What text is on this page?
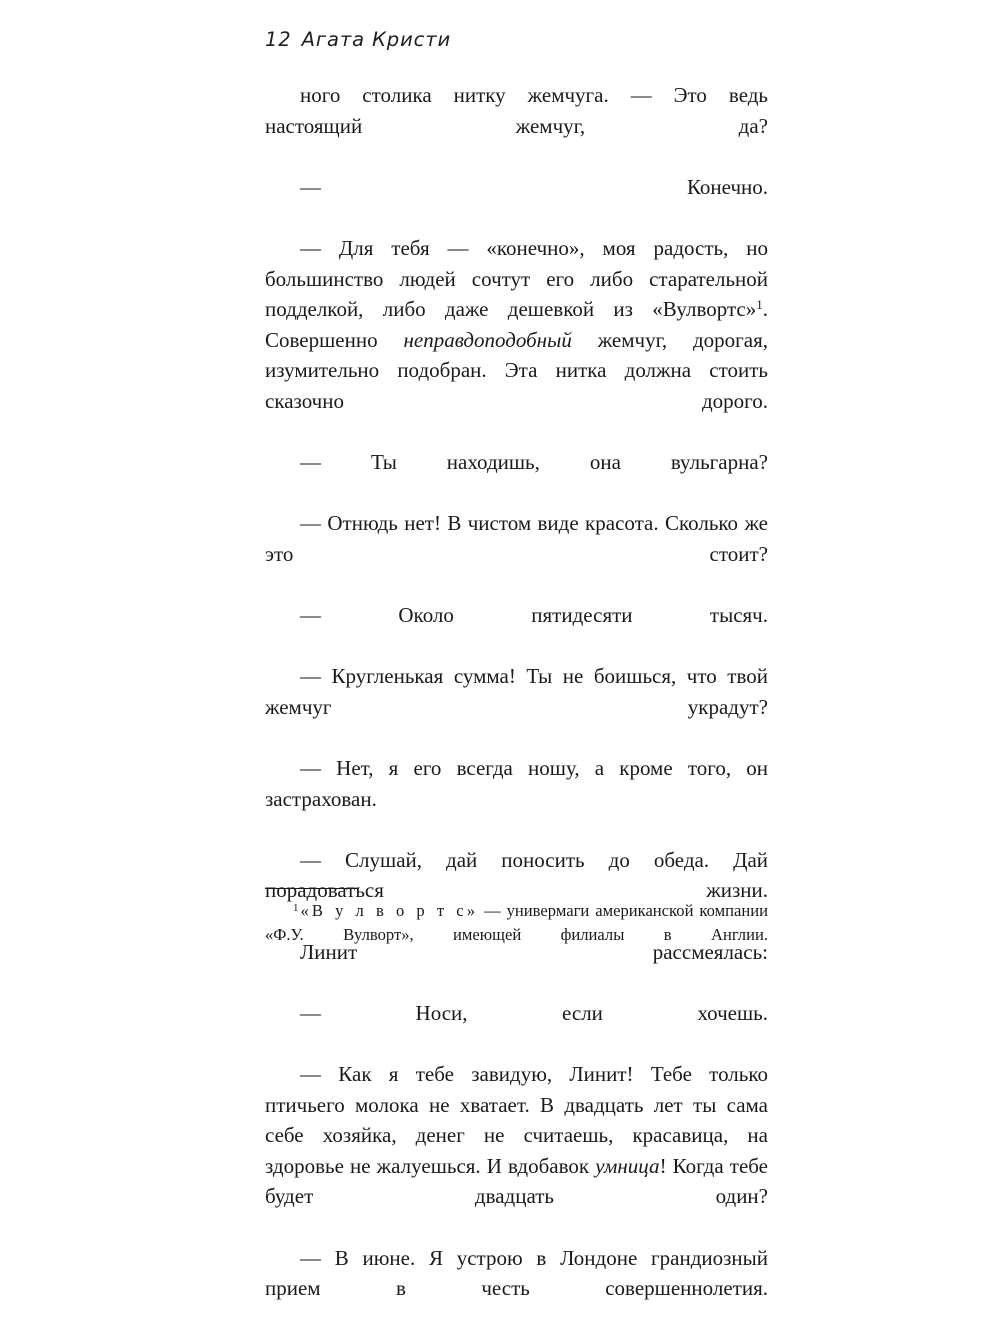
12 Агата Кристи

ного столика нитку жемчуга. — Это ведь настоящий жемчуг, да?

— Конечно.

— Для тебя — «конечно», моя радость, но большинство людей сочтут его либо старательной подделкой, либо даже дешевкой из «Вулвортс»$^1$. Совершенно неправдоподобный жемчуг, дорогая, изумительно подобран. Эта нитка должна стоить сказочно дорого.

— Ты находишь, она вульгарна?

— Отнюдь нет! В чистом виде красота. Сколько же это стоит?

— Около пятидесяти тысяч.

— Кругленькая сумма! Ты не боишься, что твой жемчуг украдут?

— Нет, я его всегда ношу, а кроме того, он застрахован.

— Слушай, дай поносить до обеда. Дай порадоваться жизни.

Линит рассмеялась:

— Носи, если хочешь.

— Как я тебе завидую, Линит! Тебе только птичьего молока не хватает. В двадцать лет ты сама себе хозяйка, денег не считаешь, красавица, на здоровье не жалуешься. И вдобавок умница! Когда тебе будет двадцать один?

— В июне. Я устрою в Лондоне грандиозный прием в честь совершеннолетия.

$^1$ «В у л в о р т с» — универмаги американской компании «Ф.У. Вулворт», имеющей филиалы в Англии.
